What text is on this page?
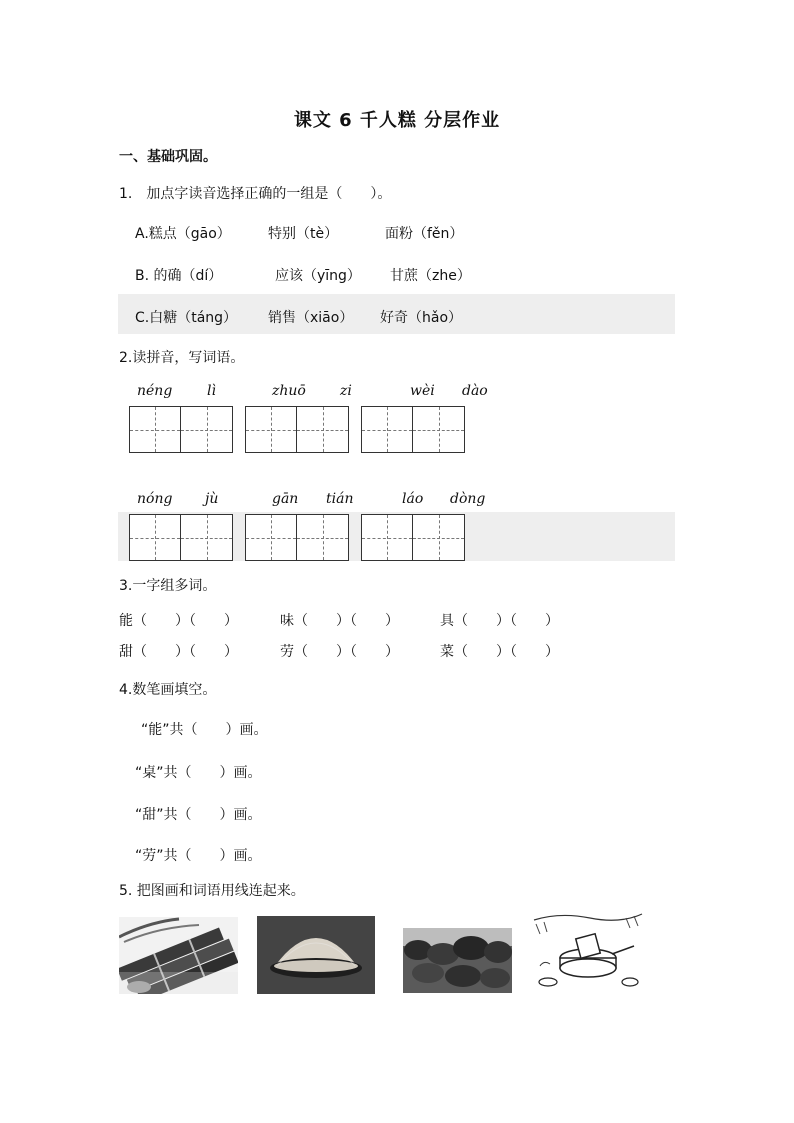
课文 6 千人糕 分层作业
一、基础巩固。
1.　加点字读音选择正确的一组是（　　）。
A.糕点（gāo）	特别（tè）	面粉（fěn）
B. 的确（dí）	应该（yīng） 甘蔗（zhe）
C.白糖（táng） 销售（xiāo） 好奇（hǎo）
2.读拼音，写词语。
néng lì	zhuō zi	wèi dào
nóng jù	gān tián	láo dòng
3.一字组多词。
能（　　）（　　）	味（　　）（　　）	具（　　）（　　）
甜（　　）（　　）	劳（　　）（　　）	菜（　　）（　　）
4.数笔画填空。
“能”共（　　）画。
“桌”共（　　）画。
“甜”共（　　）画。
“劳”共（　　）画。
5. 把图画和词语用线连起来。
